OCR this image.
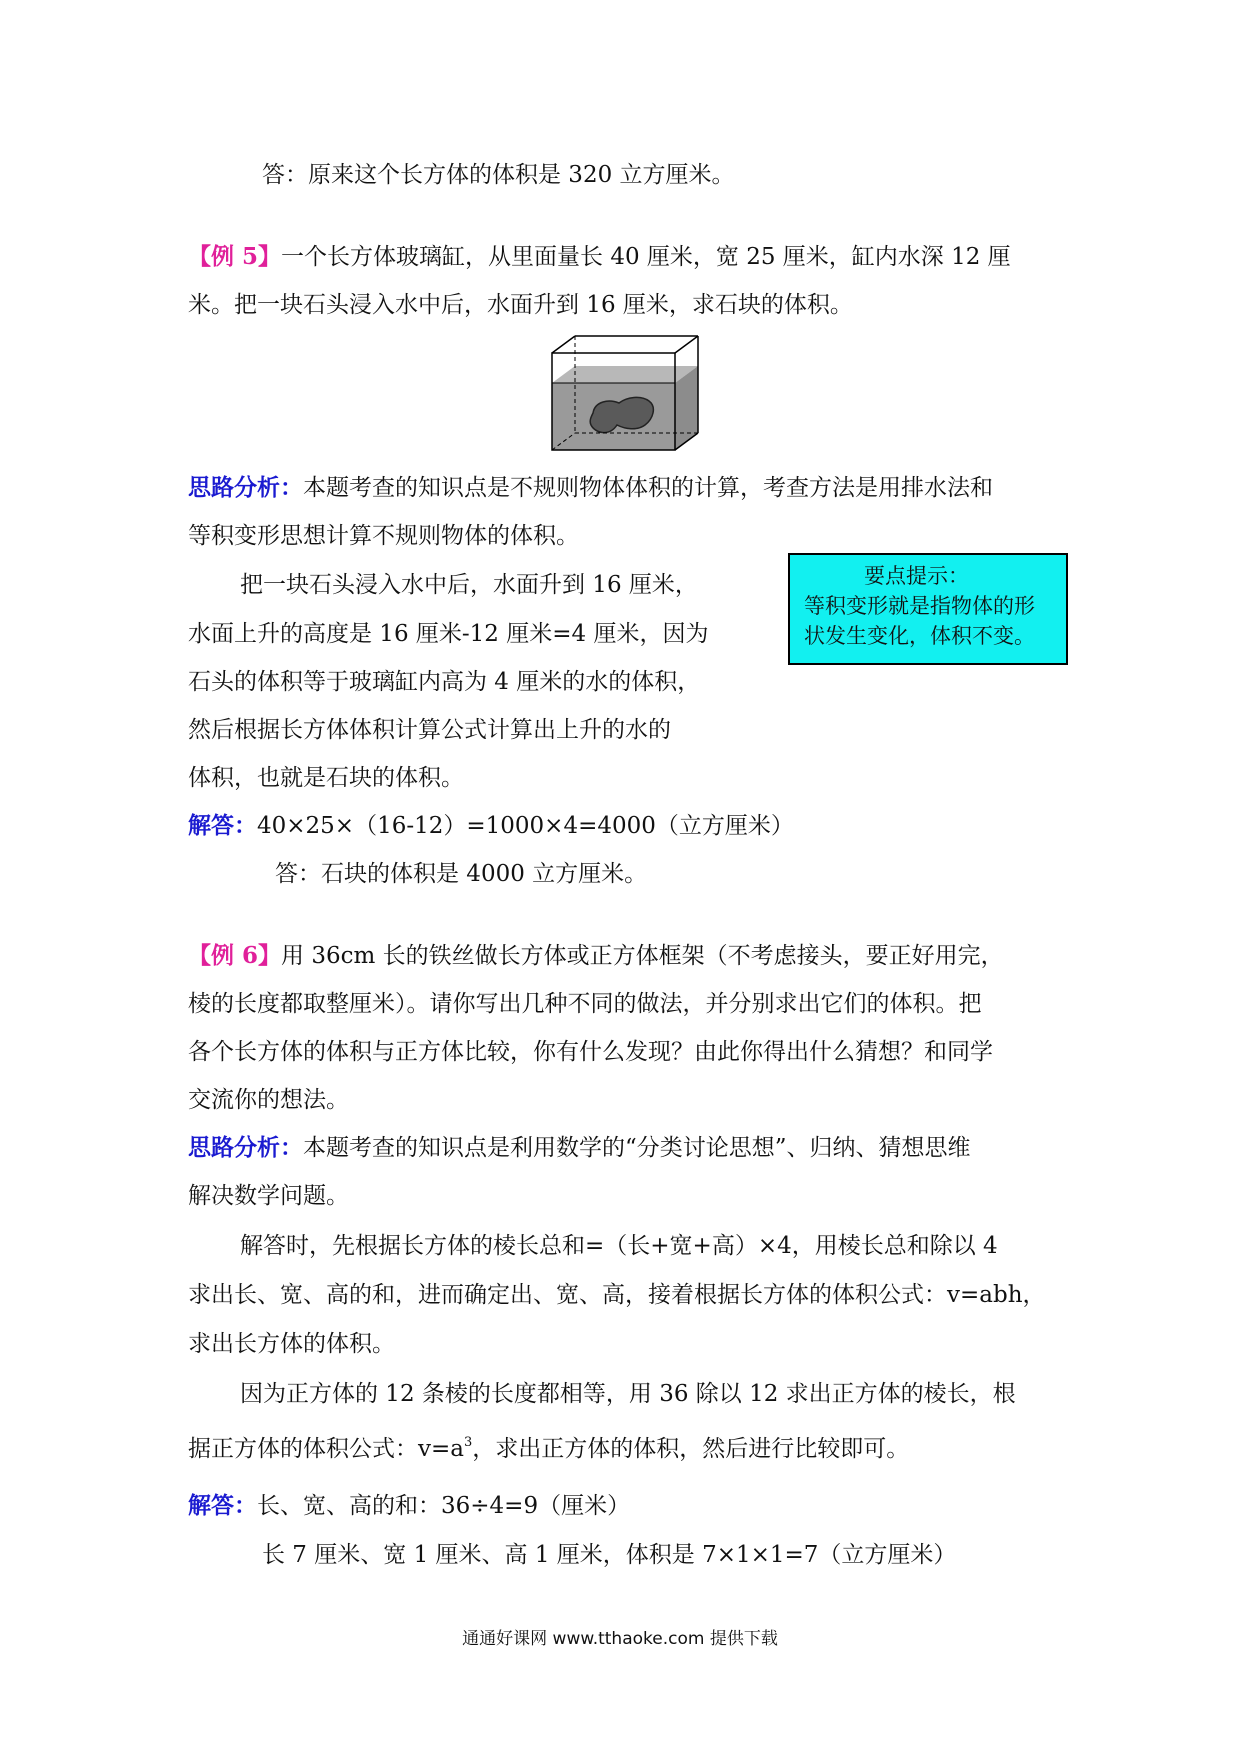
答：原来这个长方体的体积是 320 立方厘米。
【例 5】一个长方体玻璃缸，从里面量长 40 厘米，宽 25 厘米，缸内水深 12 厘
米。把一块石头浸入水中后，水面升到 16 厘米，求石块的体积。
思路分析：本题考查的知识点是不规则物体体积的计算，考查方法是用排水法和
等积变形思想计算不规则物体的体积。
把一块石头浸入水中后，水面升到 16 厘米，
水面上升的高度是 16 厘米-12 厘米=4 厘米，因为
石头的体积等于玻璃缸内高为 4 厘米的水的体积，
然后根据长方体体积计算公式计算出上升的水的
体积，也就是石块的体积。
要点提示：
等积变形就是指物体的形
状发生变化，体积不变。
解答：40×25×（16-12）=1000×4=4000（立方厘米）
答：石块的体积是 4000 立方厘米。
【例 6】用 36cm 长的铁丝做长方体或正方体框架（不考虑接头，要正好用完，
棱的长度都取整厘米）。请你写出几种不同的做法，并分别求出它们的体积。把
各个长方体的体积与正方体比较，你有什么发现？由此你得出什么猜想？和同学
交流你的想法。
思路分析：本题考查的知识点是利用数学的“分类讨论思想”、归纳、猜想思维
解决数学问题。
解答时，先根据长方体的棱长总和=（长+宽+高）×4，用棱长总和除以 4
求出长、宽、高的和，进而确定出、宽、高，接着根据长方体的体积公式：v=abh，
求出长方体的体积。
因为正方体的 12 条棱的长度都相等，用 36 除以 12 求出正方体的棱长，根
据正方体的体积公式：$v=a^3$，求出正方体的体积，然后进行比较即可。
解答：长、宽、高的和：36÷4=9（厘米）
长 7 厘米、宽 1 厘米、高 1 厘米，体积是 7×1×1=7（立方厘米）
通通好课网 www.tthaoke.com 提供下载
